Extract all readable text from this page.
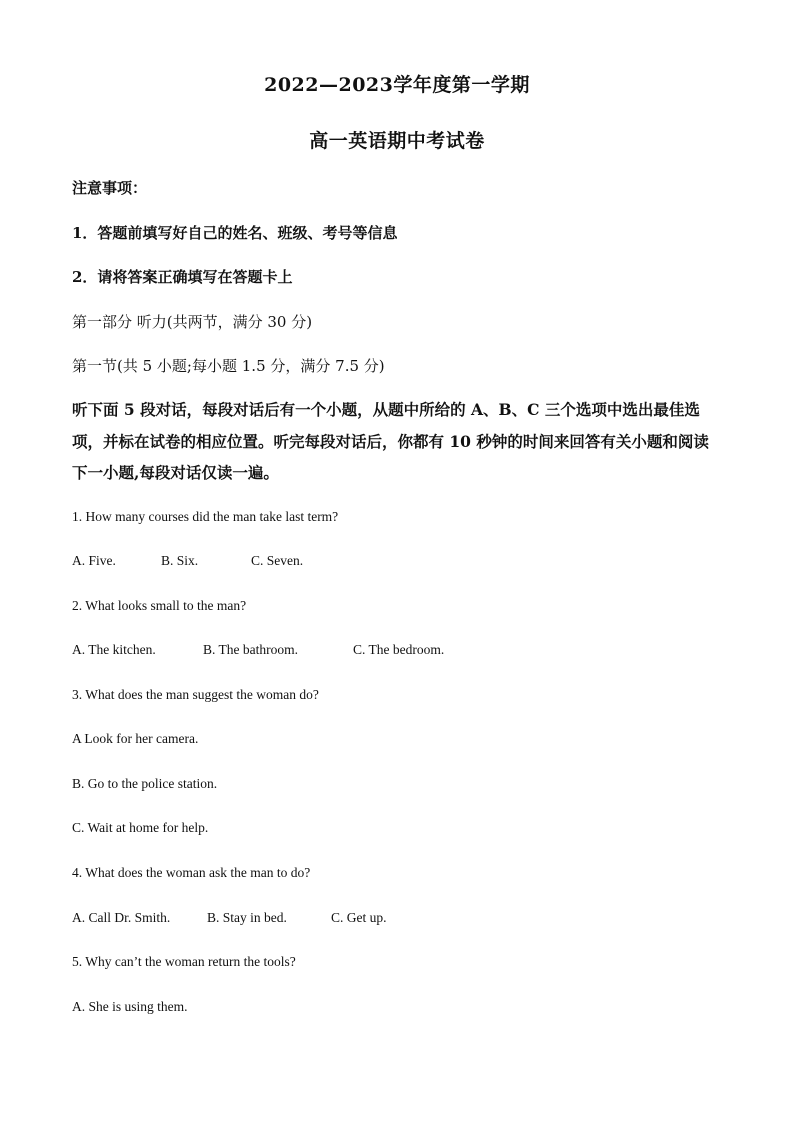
2022—2023学年度第一学期
高一英语期中考试卷
注意事项：
1．答题前填写好自己的姓名、班级、考号等信息
2．请将答案正确填写在答题卡上
第一部分 听力(共两节，满分 30 分)
第一节(共 5 小题;每小题 1.5 分，满分 7.5 分)
听下面 5 段对话，每段对话后有一个小题，从题中所给的 A、B、C 三个选项中选出最佳选项，并标在试卷的相应位置。听完每段对话后，你都有 10 秒钟的时间来回答有关小题和阅读下一小题,每段对话仅读一遍。
1. How many courses did the man take last term?
A. Five.	B. Six.	C. Seven.
2. What looks small to the man?
A. The kitchen.	B. The bathroom.	C. The bedroom.
3. What does the man suggest the woman do?
A Look for her camera.
B. Go to the police station.
C. Wait at home for help.
4. What does the woman ask the man to do?
A. Call Dr. Smith.	B. Stay in bed.	C. Get up.
5. Why can’t the woman return the tools?
A. She is using them.
